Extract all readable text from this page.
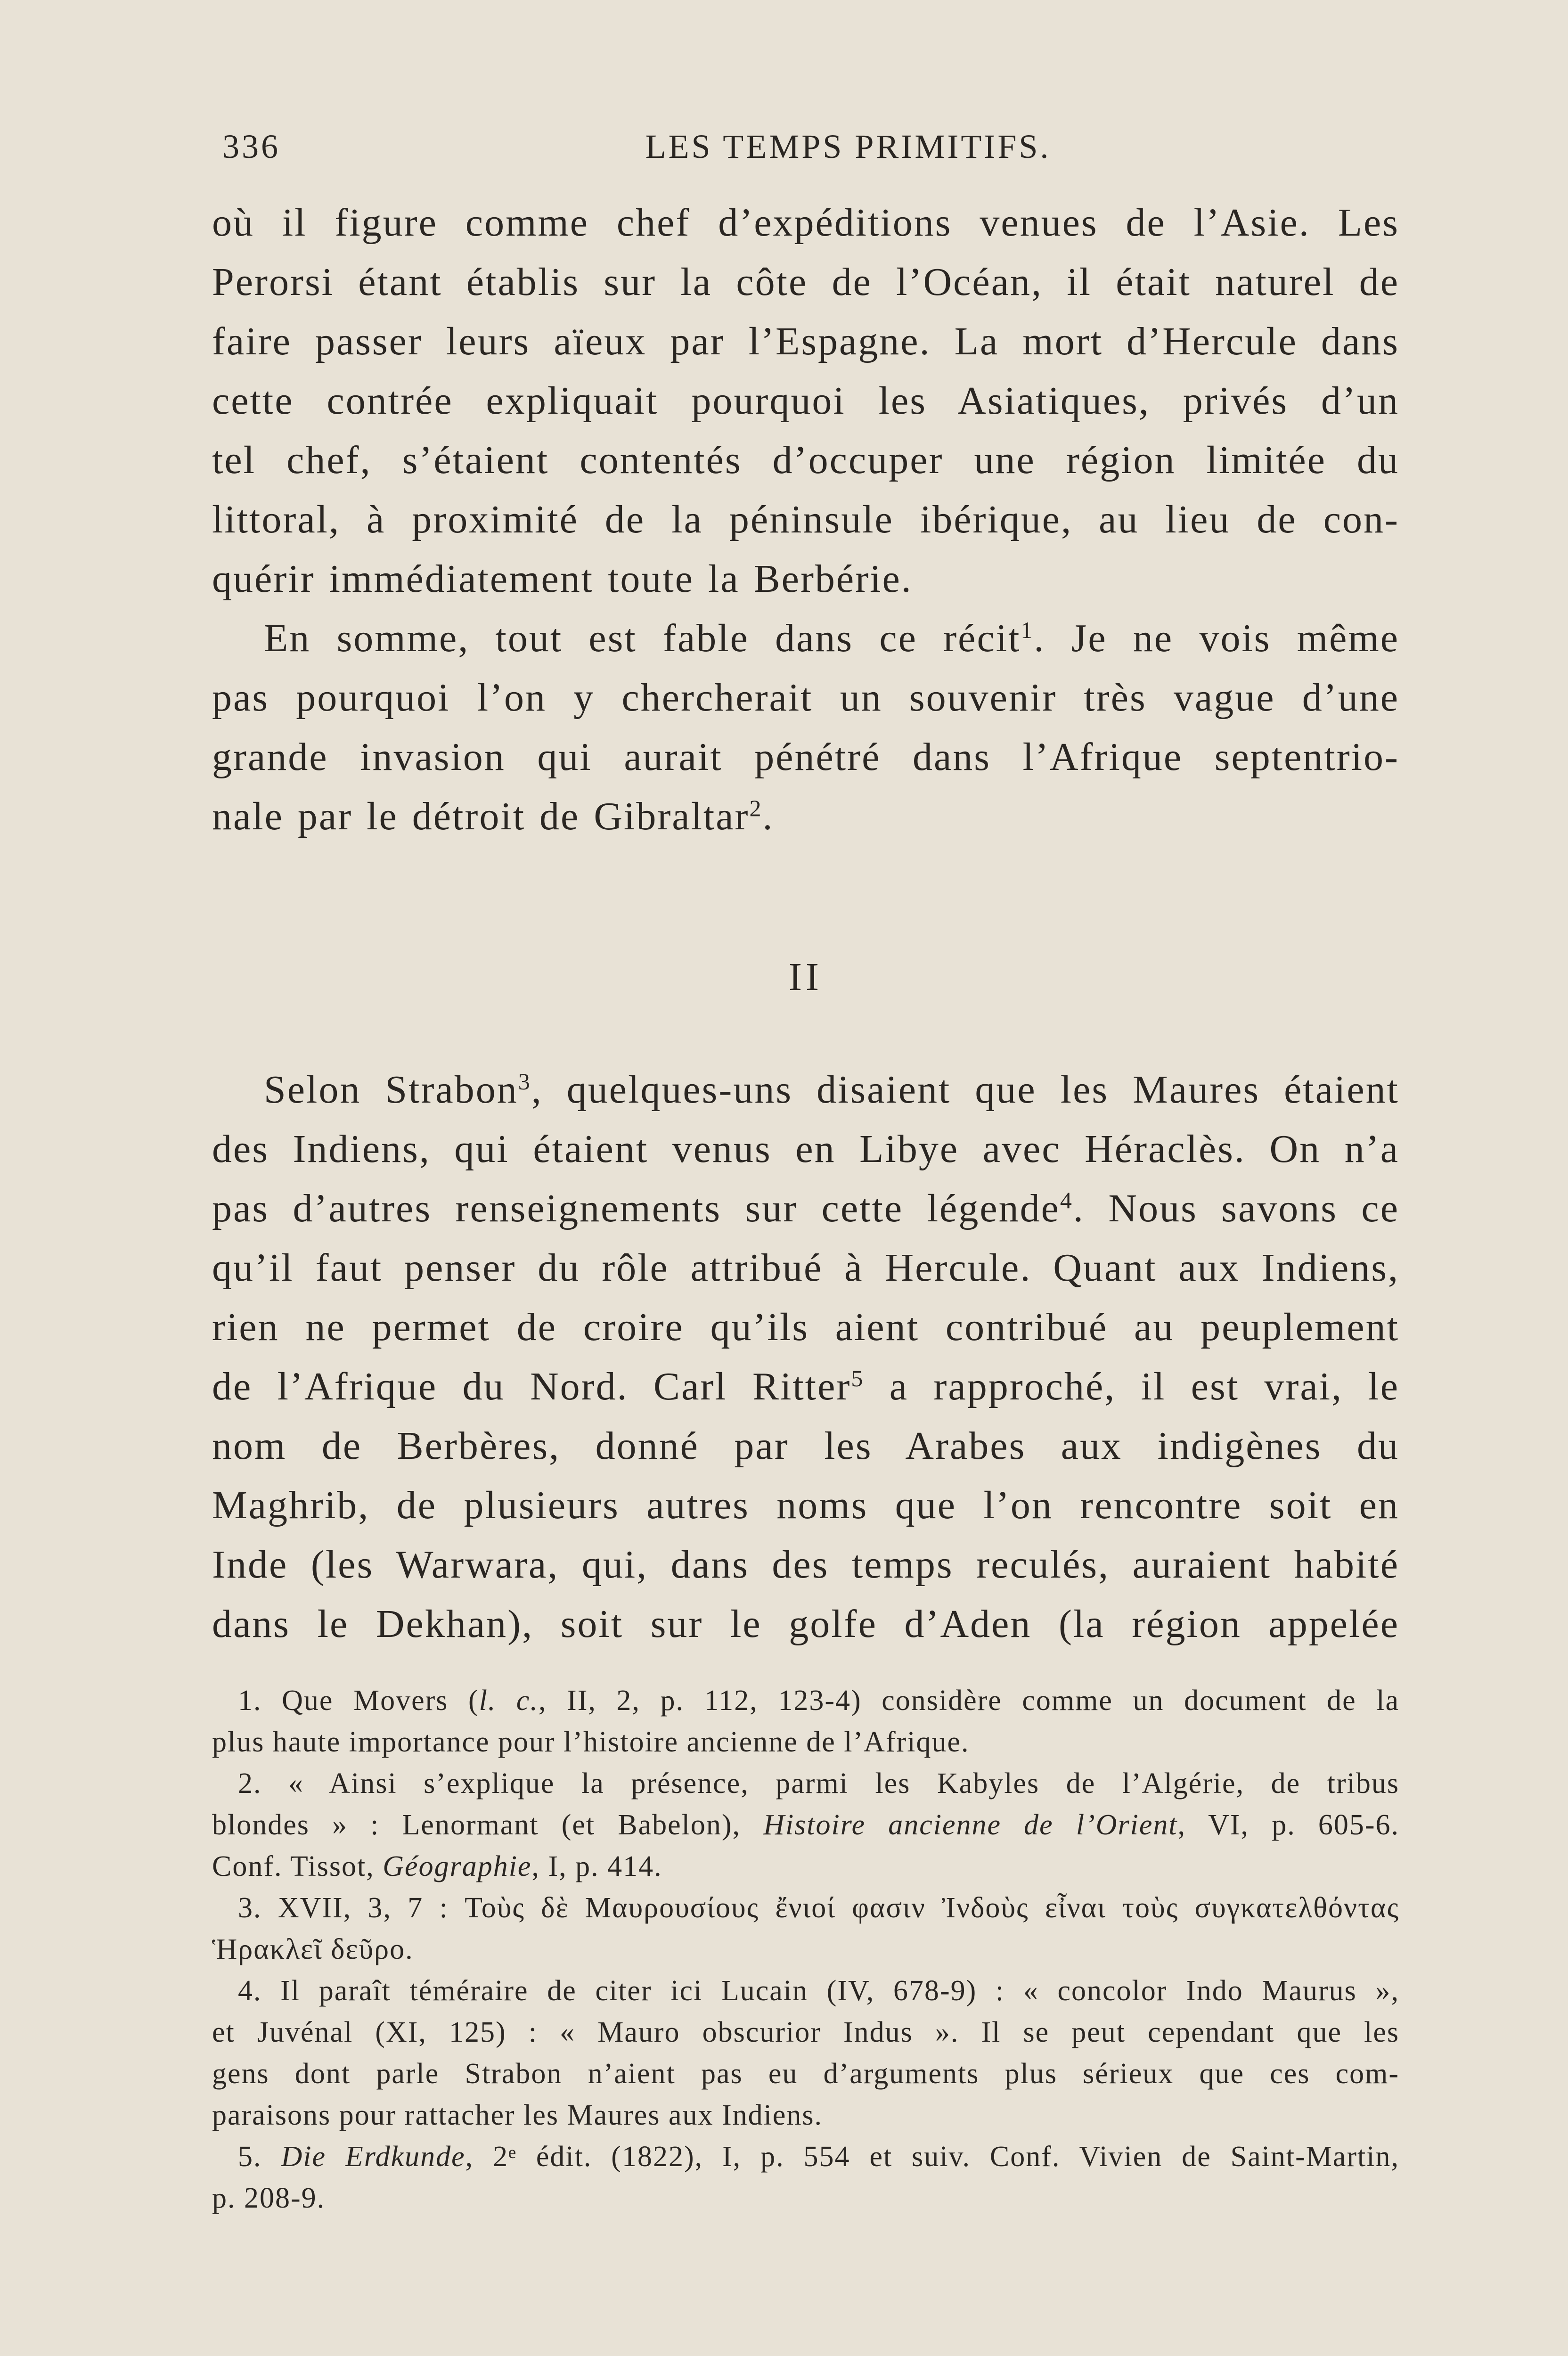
336	LES TEMPS PRIMITIFS.
où il figure comme chef d’expéditions venues de l’Asie. Les
Perorsi étant établis sur la côte de l’Océan, il était naturel de
faire passer leurs aïeux par l’Espagne. La mort d’Hercule dans
cette contrée expliquait pourquoi les Asiatiques, privés d’un
tel chef, s’étaient contentés d’occuper une région limitée du
littoral, à proximité de la péninsule ibérique, au lieu de con-
quérir immédiatement toute la Berbérie.
En somme, tout est fable dans ce récit$^1$. Je ne vois même
pas pourquoi l’on y chercherait un souvenir très vague d’une
grande invasion qui aurait pénétré dans l’Afrique septentrio-
nale par le détroit de Gibraltar$^2$.
II
Selon Strabon$^3$, quelques-uns disaient que les Maures étaient
des Indiens, qui étaient venus en Libye avec Héraclès. On n’a
pas d’autres renseignements sur cette légende$^4$. Nous savons ce
qu’il faut penser du rôle attribué à Hercule. Quant aux Indiens,
rien ne permet de croire qu’ils aient contribué au peuplement
de l’Afrique du Nord. Carl Ritter$^5$ a rapproché, il est vrai, le
nom de Berbères, donné par les Arabes aux indigènes du
Maghrib, de plusieurs autres noms que l’on rencontre soit en
Inde (les Warwara, qui, dans des temps reculés, auraient habité
dans le Dekhan), soit sur le golfe d’Aden (la région appelée
1. Que Movers (l. c., II, 2, p. 112, 123-4) considère comme un document de la
plus haute importance pour l’histoire ancienne de l’Afrique.
2. « Ainsi s’explique la présence, parmi les Kabyles de l’Algérie, de tribus
blondes » : Lenormant (et Babelon), Histoire ancienne de l’Orient, VI, p. 605-6.
Conf. Tissot, Géographie, I, p. 414.
3. XVII, 3, 7 : Τοὺς δὲ Μαυρουσίους ἔνιοί φασιν Ἰνδοὺς εἶναι τοὺς συγκατελθόντας
Ἡρακλεῖ δεῦρο.
4. Il paraît téméraire de citer ici Lucain (IV, 678-9) : « concolor Indo Maurus »,
et Juvénal (XI, 125) : « Mauro obscurior Indus ». Il se peut cependant que les
gens dont parle Strabon n’aient pas eu d’arguments plus sérieux que ces com-
paraisons pour rattacher les Maures aux Indiens.
5. Die Erdkunde, 2ᵉ édit. (1822), I, p. 554 et suiv. Conf. Vivien de Saint-Martin,
p. 208-9.
